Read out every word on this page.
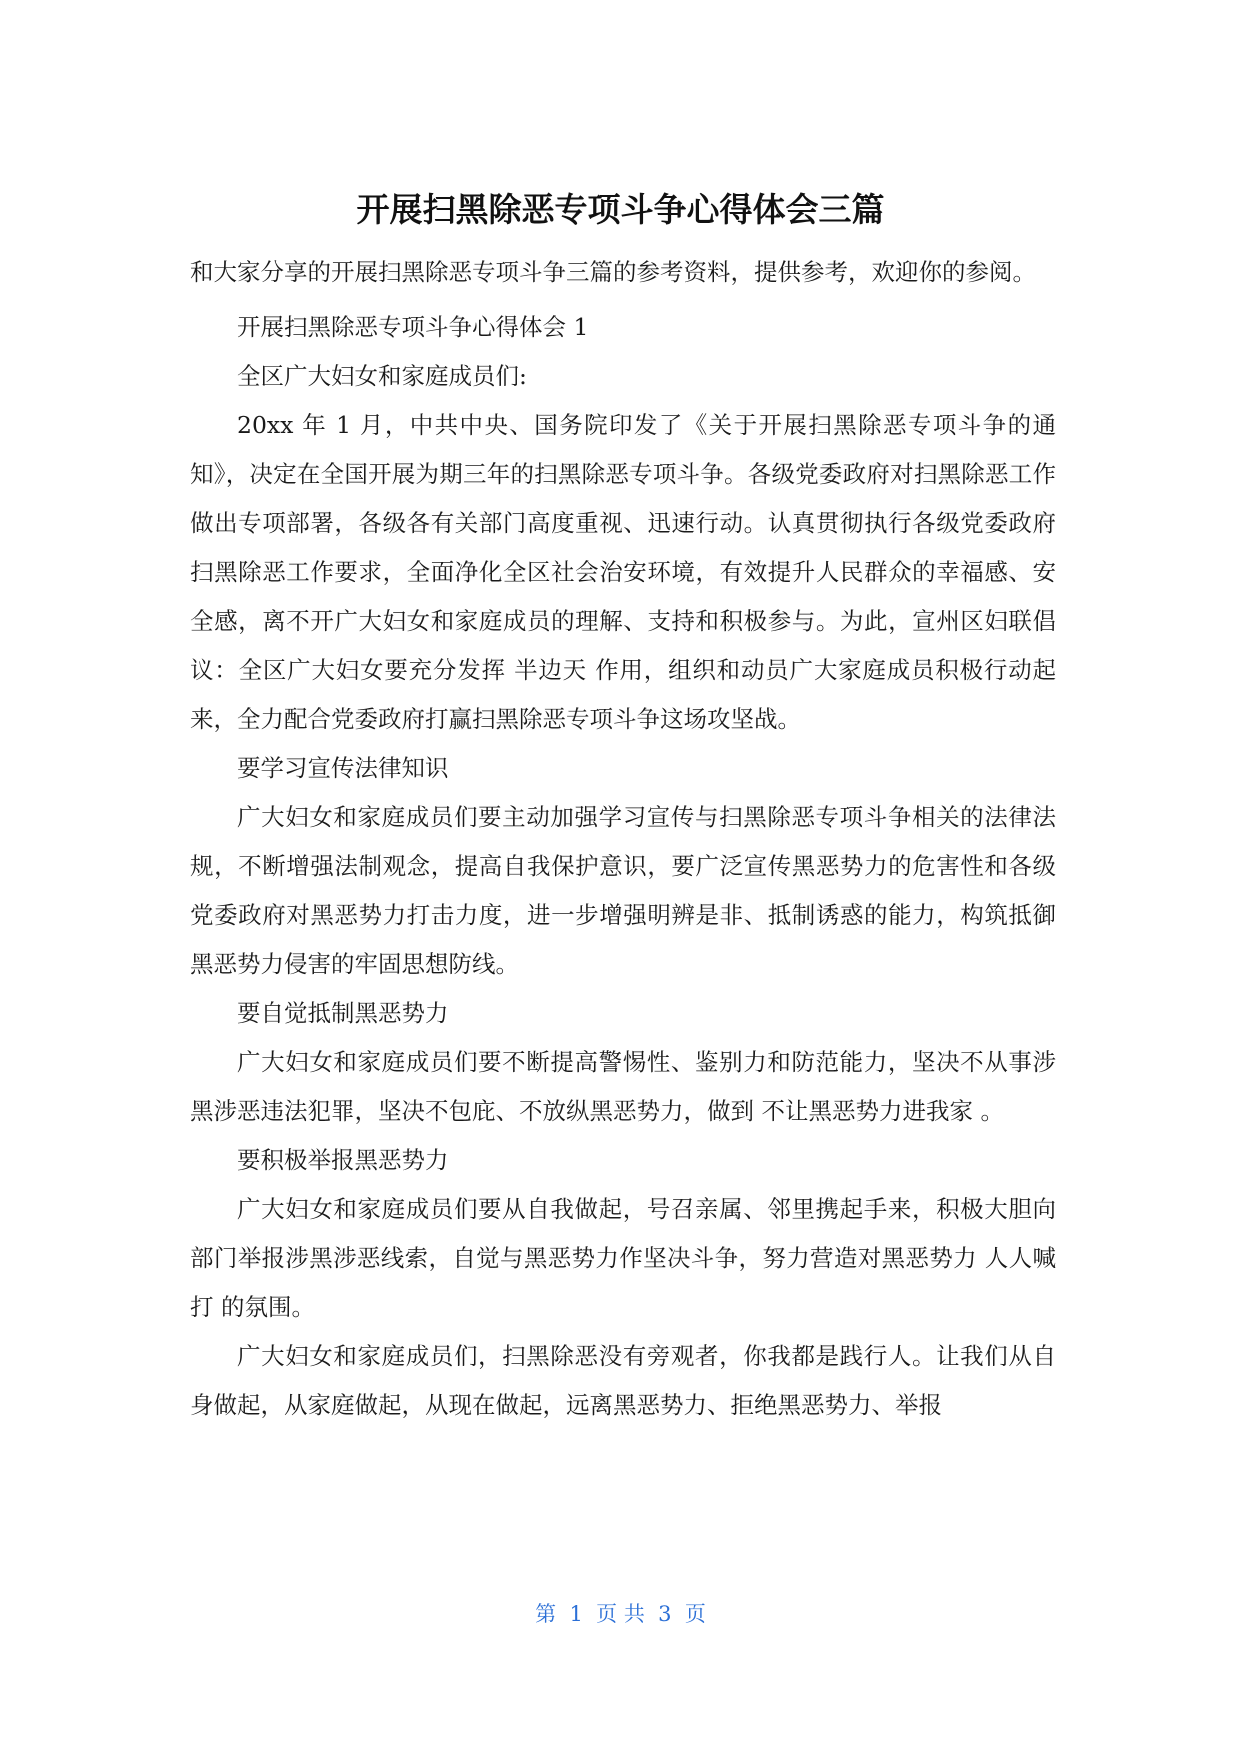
开展扫黑除恶专项斗争心得体会三篇

和大家分享的开展扫黑除恶专项斗争三篇的参考资料，提供参考，欢迎你的参阅。

开展扫黑除恶专项斗争心得体会 1

全区广大妇女和家庭成员们:

20xx 年 1 月，中共中央、国务院印发了《关于开展扫黑除恶专项斗争的通知》，决定在全国开展为期三年的扫黑除恶专项斗争。各级党委政府对扫黑除恶工作做出专项部署，各级各有关部门高度重视、迅速行动。认真贯彻执行各级党委政府扫黑除恶工作要求，全面净化全区社会治安环境，有效提升人民群众的幸福感、安全感，离不开广大妇女和家庭成员的理解、支持和积极参与。为此，宣州区妇联倡议：全区广大妇女要充分发挥 半边天 作用，组织和动员广大家庭成员积极行动起来，全力配合党委政府打赢扫黑除恶专项斗争这场攻坚战。

要学习宣传法律知识

广大妇女和家庭成员们要主动加强学习宣传与扫黑除恶专项斗争相关的法律法规，不断增强法制观念，提高自我保护意识，要广泛宣传黑恶势力的危害性和各级党委政府对黑恶势力打击力度，进一步增强明辨是非、抵制诱惑的能力，构筑抵御黑恶势力侵害的牢固思想防线。

要自觉抵制黑恶势力

广大妇女和家庭成员们要不断提高警惕性、鉴别力和防范能力，坚决不从事涉黑涉恶违法犯罪，坚决不包庇、不放纵黑恶势力，做到 不让黑恶势力进我家 。

要积极举报黑恶势力

广大妇女和家庭成员们要从自我做起，号召亲属、邻里携起手来，积极大胆向部门举报涉黑涉恶线索，自觉与黑恶势力作坚决斗争，努力营造对黑恶势力 人人喊打 的氛围。

广大妇女和家庭成员们，扫黑除恶没有旁观者，你我都是践行人。让我们从自身做起，从家庭做起，从现在做起，远离黑恶势力、拒绝黑恶势力、举报

第  1  页 共  3  页
